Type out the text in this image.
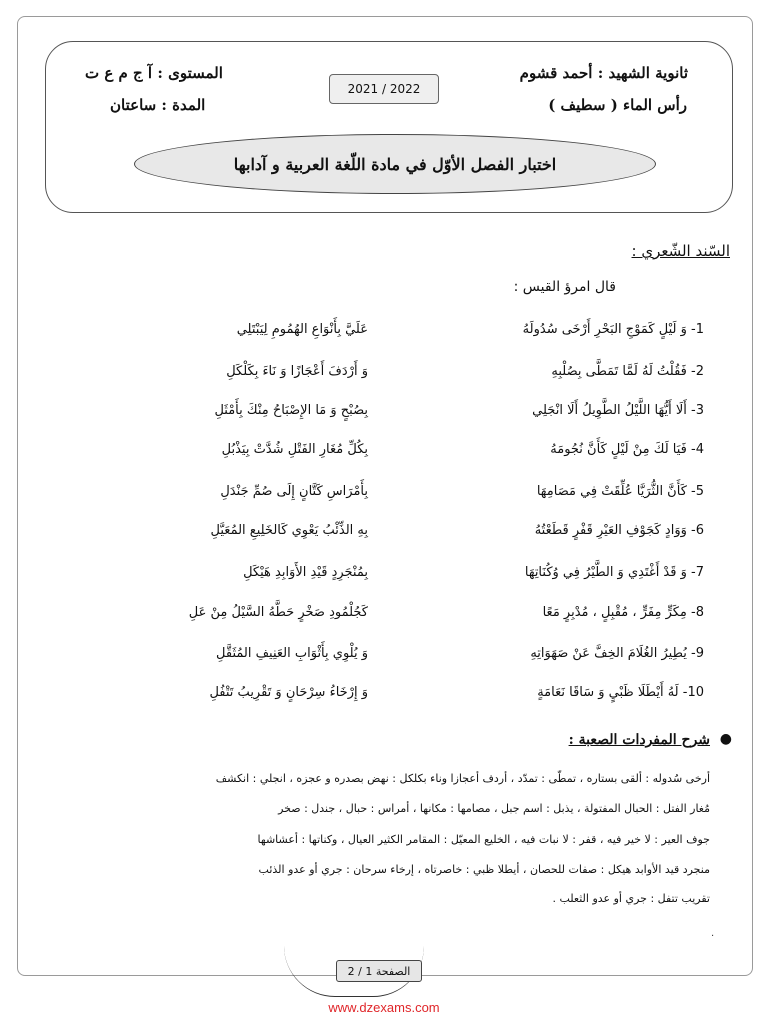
ثانوية الشهيد : أحمد قشوم
رأس الماء ( سطيف )
المستوى : آ ج م ع ت
المدة : ساعتان
2021 / 2022
اختبار الفصل الأوّل في مادة اللّغة العربية و آدابها
السّند الشّعري :
قال امرؤ القيس :
1- وَ لَيْلٍ كَمَوْجِ البَحْرِ أَرْخَى سُدُولَهُ
عَلَيَّ بِأَنْوَاعِ الهُمُومِ لِيَبْتَلِي
2- فَقُلْتُ لَهُ لَمَّا تَمَطَّى بِصُلْبِهِ
وَ أَرْدَفَ أَعْجَازًا وَ نَاءَ بِكَلْكَلِ
3- أَلَا أَيُّهَا اللَّيْلُ الطَّوِيلُ أَلَا انْجَلِي
بِصُبْحٍ وَ مَا الإِصْبَاحُ مِنْكَ بِأَمْثَلِ
4- فَيَا لَكَ مِنْ لَيْلٍ كَأَنَّ نُجُومَهُ
بِكُلِّ مُغَارِ الفَتْلِ شُدَّتْ بِيَذْبُلِ
5- كَأَنَّ الثُّرَيَّا عُلِّقَتْ فِي مَصَامِهَا
بِأَمْرَاسِ كَتَّانٍ إِلَى صُمِّ جَنْدَلِ
6- وَوَادٍ كَجَوْفِ العَيْرِ قَفْرٍ قَطَعْتُهُ
بِهِ الذِّئْبُ يَعْوِي كَالخَلِيعِ المُعَيَّلِ
7- وَ قَدْ أَغْتَدِي وَ الطَّيْرُ فِي وُكُنَاتِهَا
بِمُنْجَرِدٍ قَيْدِ الأَوَابِدِ هَيْكَلِ
8- مِكَرٍّ مِفَرٍّ ، مُقْبِلٍ ، مُدْبِرٍ مَعًا
كَجُلْمُودِ صَخْرٍ حَطَّهُ السَّيْلُ مِنْ عَلِ
9- يُطِيرُ الغُلَامَ الخِفَّ عَنْ صَهَوَاتِهِ
وَ يُلْوِي بِأَثْوَابِ العَنِيفِ المُثَقَّلِ
10- لَهُ أَيْطَلَا ظَبْيٍ وَ سَاقَا نَعَامَةٍ
وَ إِرْخَاءُ سِرْحَانٍ وَ تَقْرِيبُ تَتْفُلِ
●
شرح المفردات الصعبة :
أرخى سُدوله : ألقى بستاره ، تمطّى : تمدّد ، أردف أعجازا وناء بكلكل : نهض بصدره و عجزه ، انجلي : انكشف
مُغار الفتل : الحبال المفتولة ، يذبل : اسم جبل ، مصامها : مكانها ، أمراس : حبال ، جندل : صخر
جوف العير : لا خير فيه ، قفر : لا نبات فيه ، الخليع المعيّل : المقامر الكثير العيال ، وكناتها : أعشاشها
منجرد قيد الأوابد هيكل : صفات للحصان ، أيطلا ظبي : خاصرتاه ، إرخاء سرحان : جري أو عدو الذئب
تقريب تتفل : جري أو عدو الثعلب .
.
الصفحة 1 / 2
www.dzexams.com
